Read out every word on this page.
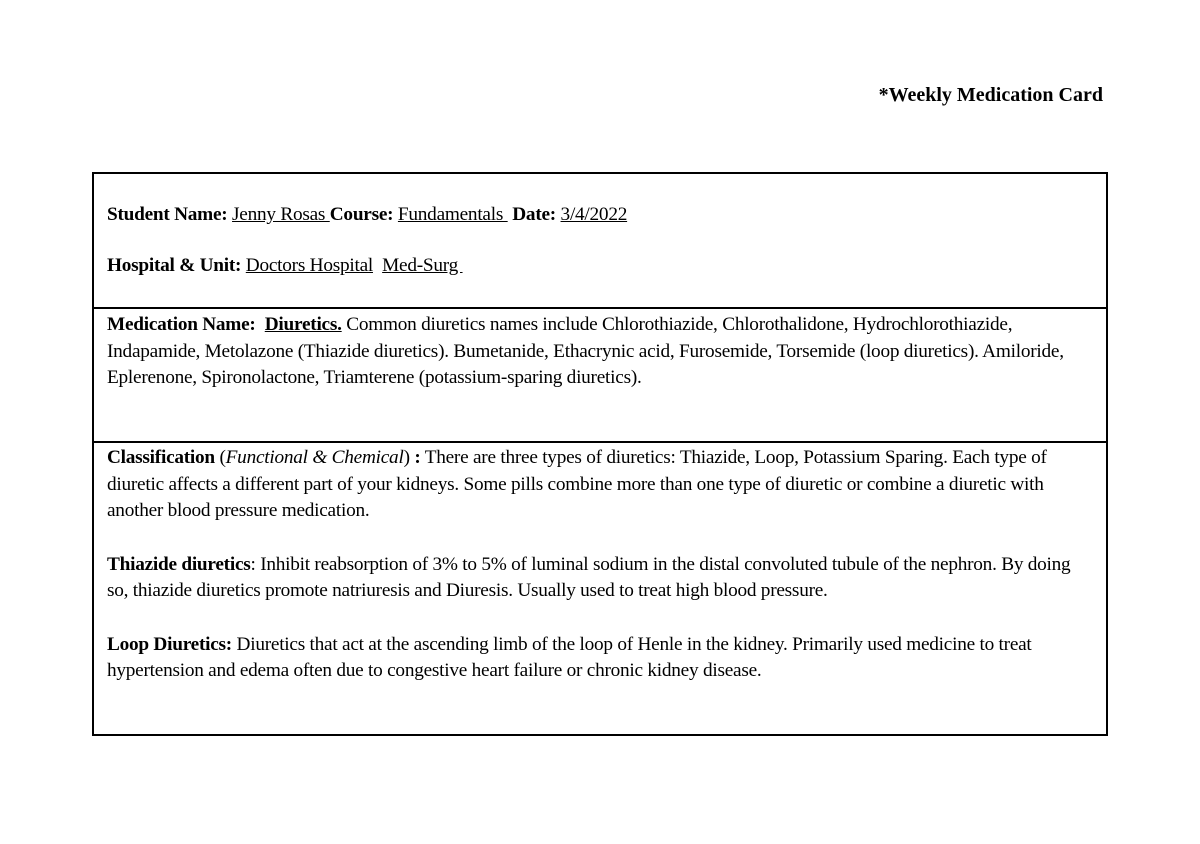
*Weekly Medication Card

Student Name: Jenny Rosas Course: Fundamentals  Date: 3/4/2022

Hospital & Unit: Doctors Hospital Med-Surg

Medication Name: Diuretics. Common diuretics names include Chlorothiazide, Chlorothalidone, Hydrochlorothiazide, Indapamide, Metolazone (Thiazide diuretics). Bumetanide, Ethacrynic acid, Furosemide, Torsemide (loop diuretics). Amiloride, Eplerenone, Spironolactone, Triamterene (potassium-sparing diuretics).

Classification (Functional & Chemical) : There are three types of diuretics: Thiazide, Loop, Potassium Sparing. Each type of diuretic affects a different part of your kidneys. Some pills combine more than one type of diuretic or combine a diuretic with another blood pressure medication.

Thiazide diuretics: Inhibit reabsorption of 3% to 5% of luminal sodium in the distal convoluted tubule of the nephron. By doing so, thiazide diuretics promote natriuresis and Diuresis. Usually used to treat high blood pressure.

Loop Diuretics: Diuretics that act at the ascending limb of the loop of Henle in the kidney. Primarily used medicine to treat hypertension and edema often due to congestive heart failure or chronic kidney disease.
